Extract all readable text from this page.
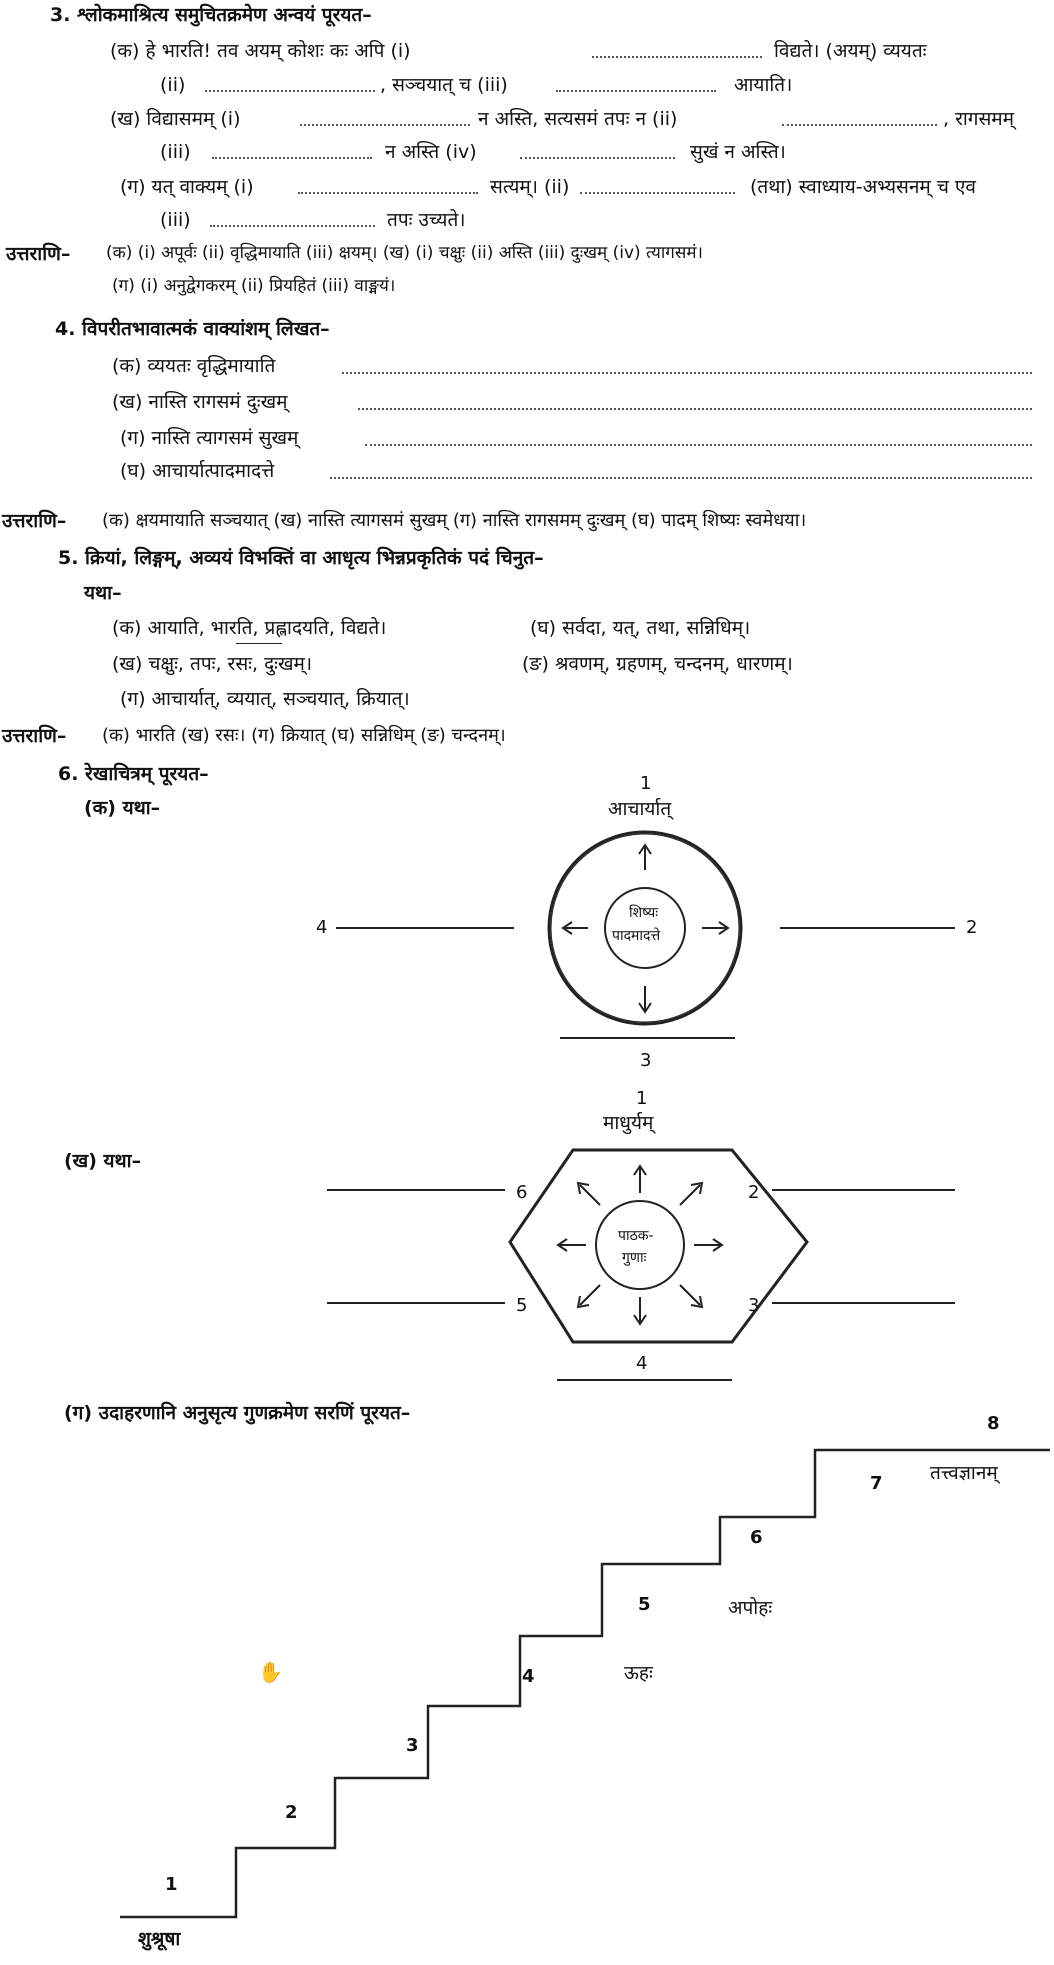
3. श्लोकमाश्रित्य समुचितक्रमेण अन्वयं पूरयत–
(क) हे भारति! तव अयम् कोशः कः अपि (i)	विद्यते। (अयम्) व्ययतः
(ii)	, सञ्चयात् च (iii)	आयाति।
(ख) विद्यासमम् (i)	न अस्ति, सत्यसमं तपः न (ii)	, रागसमम्
(iii)	न अस्ति (iv)	सुखं न अस्ति।
(ग) यत् वाक्यम् (i)	सत्यम्। (ii)	(तथा) स्वाध्याय-अभ्यसनम् च एव
(iii)	तपः उच्यते।
उत्तराणि– (क) (i) अपूर्वः (ii) वृद्धिमायाति (iii) क्षयम्। (ख) (i) चक्षुः (ii) अस्ति (iii) दुःखम् (iv) त्यागसमं।
(ग) (i) अनुद्वेगकरम् (ii) प्रियहितं (iii) वाङ्मयं।
4. विपरीतभावात्मकं वाक्यांशम् लिखत–
(क) व्ययतः वृद्धिमायाति
(ख) नास्ति रागसमं दुःखम्
(ग) नास्ति त्यागसमं सुखम्
(घ) आचार्यात्पादमादत्ते
उत्तराणि– (क) क्षयमायाति सञ्चयात् (ख) नास्ति त्यागसमं सुखम् (ग) नास्ति रागसमम् दुःखम् (घ) पादम् शिष्यः स्वमेधया।
5. क्रियां, लिङ्गम्, अव्ययं विभक्तिं वा आधृत्य भिन्नप्रकृतिकं पदं चिनुत–
यथा–
(क) आयाति, भारति, प्रह्लादयति, विद्यते।	(घ) सर्वदा, यत्, तथा, सन्निधिम्।
(ख) चक्षुः, तपः, रसः, दुःखम्।	(ङ) श्रवणम्, ग्रहणम्, चन्दनम्, धारणम्।
(ग) आचार्यात्, व्ययात्, सञ्चयात्, क्रियात्।
उत्तराणि– (क) भारति (ख) रसः। (ग) क्रियात् (घ) सन्निधिम् (ङ) चन्दनम्।
6. रेखाचित्रम् पूरयत–
(क) यथा–
1
आचार्यात्
शिष्यः
पादमादत्ते
4	2
3
(ख) यथा–
1
माधुर्यम्
पाठक-
गुणाः
6	2
5	3
4
(ग) उदाहरणानि अनुसृत्य गुणक्रमेण सरणिं पूरयत–
1
2
3
4
5
6
7
8
शुश्रूषा
ऊहः
अपोहः
तत्त्वज्ञानम्
✋
